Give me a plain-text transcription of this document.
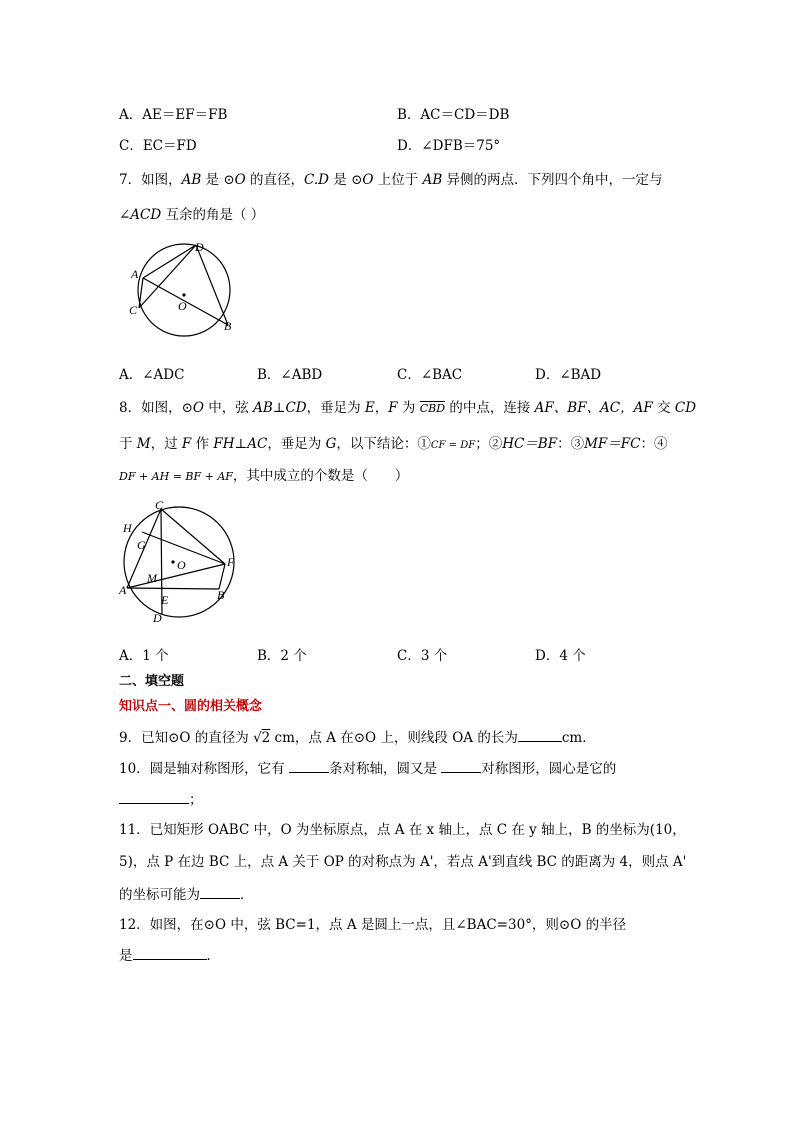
A．AE＝EF＝FB	B．AC＝CD＝DB
C．EC＝FD	D．∠DFB＝75°
7．如图，AB 是 ⊙O 的直径，C.D 是 ⊙O 上位于 AB 异侧的两点．下列四个角中，一定与
∠ACD 互余的角是（ ）
D
A
C	O
B
A．∠ADC	B．∠ABD	C．∠BAC	D．∠BAD
8．如图，⊙O 中，弦 AB⊥CD，垂足为 E，F 为 $\overline{CBD}$ 的中点，连接 AF、BF、AC，AF 交 CD
于 M，过 F 作 FH⊥AC，垂足为 G，以下结论：①CF = DF；②HC＝BF：③MF＝FC：④
DF + AH = BF + AF，其中成立的个数是（　　）
C
H
G
O	F
M
A
E	B
D
A．1 个	B．2 个	C．3 个	D．4 个
二、填空题
知识点一、圆的相关概念
9．已知⊙O 的直径为 √2 cm，点 A 在⊙O 上，则线段 OA 的长为	cm．
10．圆是轴对称图形，它有	条对称轴，圆又是	对称图形，圆心是它的
；
11．已知矩形 OABC 中，O 为坐标原点，点 A 在 x 轴上，点 C 在 y 轴上，B 的坐标为(10，
5)，点 P 在边 BC 上，点 A 关于 OP 的对称点为 A'，若点 A'到直线 BC 的距离为 4，则点 A'
的坐标可能为	．
12．如图，在⊙O 中，弦 BC=1，点 A 是圆上一点，且∠BAC=30°，则⊙O 的半径
是	．
